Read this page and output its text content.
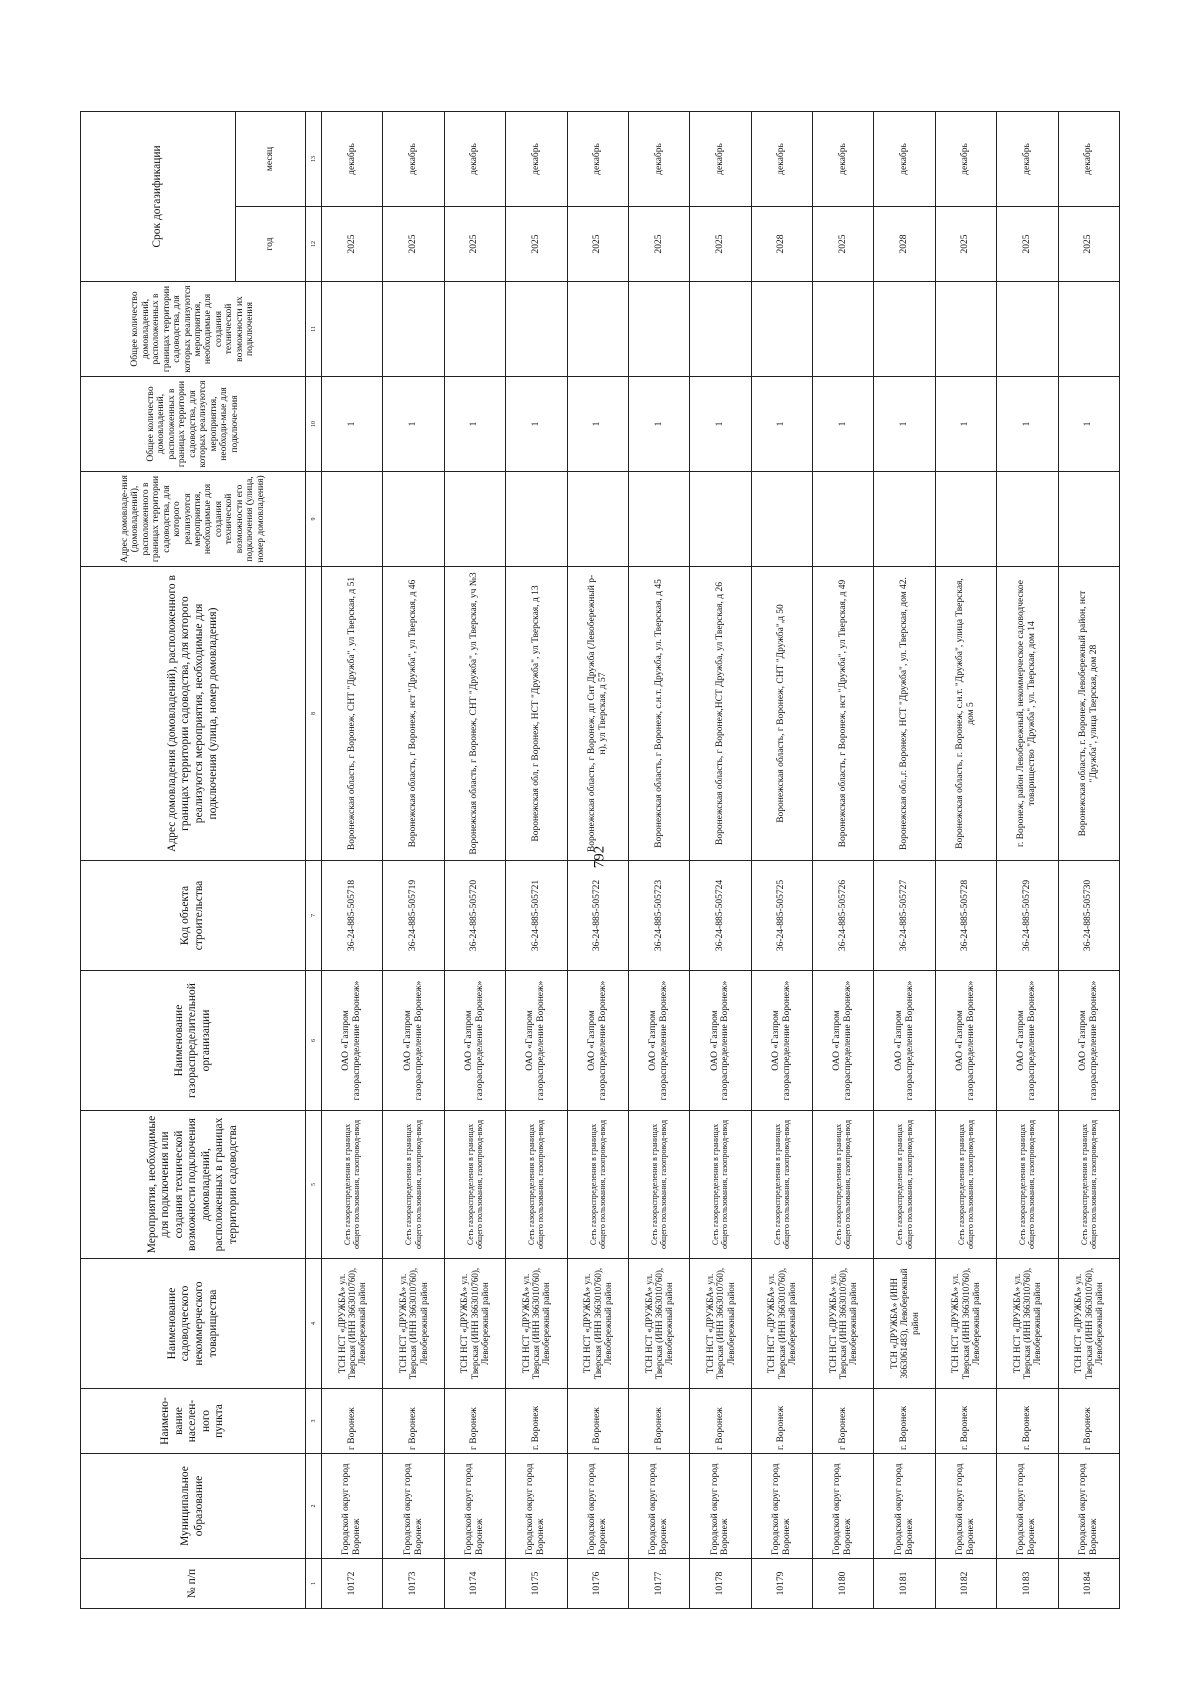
792
№ п/п	Муниципальное образование	Наимено-вание населен-ного пункта	Наименование садоводческого некоммерческого товарищества	Мероприятия, необходимые для подключения или создания технической возможности подключения домовладений, расположенных в границах территории садоводства	Наименование газораспределительной организации	Код объекта строительства	Адрес домовладения (домовладений), расположенного в границах территории садоводства, для которого реализуются мероприятия, необходимые для подключения (улица, номер домовладения)	Адрес домовладе-ния (домовладений), расположенного в границах территории садоводства, для которого реализуются мероприятия, необходимые для создания технической возможности его подключения (улица, номер домовладения)	Общее количество домовладений, расположенных в границах территории садоводства, для которых реализуются мероприятия, необходи-мые для подключе-ния	Общее количество домовладений, расположенных в границах территории садоводства, для которых реализуются мероприятия, необходимые для создания технической возможности их подключения	Срок догазификации	
											год	месяц
1	2	3	4	5	6	7	8	9	10	11	12	13
10172	Городской округ город Воронеж	г Воронеж	ТСН НСТ «ДРУЖБА» ул. Тверская (ИНН 3663010760), Левобережный район	Сеть газораспределения в границах общего пользования, газопровод-ввод	ОАО «Газпром газораспределение Воронеж»	36-24-885-505718	Воронежская область, г Воронеж, СНТ "Дружба", ул Тверская, д 51		1		2025	декабрь
10173	Городской округ город Воронеж	г Воронеж	ТСН НСТ «ДРУЖБА» ул. Тверская (ИНН 3663010760), Левобережный район	Сеть газораспределения в границах общего пользования, газопровод-ввод	ОАО «Газпром газораспределение Воронеж»	36-24-885-505719	Воронежская область, г Воронеж, нст "Дружба", ул Тверская, д 46		1		2025	декабрь
10174	Городской округ город Воронеж	г Воронеж	ТСН НСТ «ДРУЖБА» ул. Тверская (ИНН 3663010760), Левобережный район	Сеть газораспределения в границах общего пользования, газопровод-ввод	ОАО «Газпром газораспределение Воронеж»	36-24-885-505720	Воронежская область, г Воронеж, СНТ "Дружба", ул Тверская, уч №3		1		2025	декабрь
10175	Городской округ город Воронеж	г. Воронеж	ТСН НСТ «ДРУЖБА» ул. Тверская (ИНН 3663010760), Левобережный район	Сеть газораспределения в границах общего пользования, газопровод-ввод	ОАО «Газпром газораспределение Воронеж»	36-24-885-505721	Воронежская обл, г Воронеж, НСТ "Дружба", ул Тверская, д 13		1		2025	декабрь
10176	Городской округ город Воронеж	г Воронеж	ТСН НСТ «ДРУЖБА» ул. Тверская (ИНН 3663010760), Левобережный район	Сеть газораспределения в границах общего пользования, газопровод-ввод	ОАО «Газпром газораспределение Воронеж»	36-24-885-505722	Воронежская область, г Воронеж, дп Снт Дружба (Левобережный р-н), ул Тверская, д 57		1		2025	декабрь
10177	Городской округ город Воронеж	г Воронеж	ТСН НСТ «ДРУЖБА» ул. Тверская (ИНН 3663010760), Левобережный район	Сеть газораспределения в границах общего пользования, газопровод-ввод	ОАО «Газпром газораспределение Воронеж»	36-24-885-505723	Воронежская область, г Воронеж, с.н.т. Дружба, ул. Тверская, д 45		1		2025	декабрь
10178	Городской округ город Воронеж	г Воронеж	ТСН НСТ «ДРУЖБА» ул. Тверская (ИНН 3663010760), Левобережный район	Сеть газораспределения в границах общего пользования, газопровод-ввод	ОАО «Газпром газораспределение Воронеж»	36-24-885-505724	Воронежская область, г Воронеж,НСТ Дружба, ул Тверская, д 26		1		2025	декабрь
10179	Городской округ город Воронеж	г. Воронеж	ТСН НСТ «ДРУЖБА» ул. Тверская (ИНН 3663010760), Левобережный район	Сеть газораспределения в границах общего пользования, газопровод-ввод	ОАО «Газпром газораспределение Воронеж»	36-24-885-505725	Воронежская область, г Воронеж, СНТ "Дружба",д 50		1		2028	декабрь
10180	Городской округ город Воронеж	г Воронеж	ТСН НСТ «ДРУЖБА» ул. Тверская (ИНН 3663010760), Левобережный район	Сеть газораспределения в границах общего пользования, газопровод-ввод	ОАО «Газпром газораспределение Воронеж»	36-24-885-505726	Воронежская область, г Воронеж, нст "Дружба", ул Тверская, д 49		1		2025	декабрь
10181	Городской округ город Воронеж	г. Воронеж	ТСН «ДРУЖБА» (ИНН 3663061483), Левобережный район	Сеть газораспределения в границах общего пользования, газопровод-ввод	ОАО «Газпром газораспределение Воронеж»	36-24-885-505727	Воронежская обл.,г. Воронеж, НСТ "Дружба", ул. Тверская, дом 42.		1		2028	декабрь
10182	Городской округ город Воронеж	г. Воронеж	ТСН НСТ «ДРУЖБА» ул. Тверская (ИНН 3663010760), Левобережный район	Сеть газораспределения в границах общего пользования, газопровод-ввод	ОАО «Газпром газораспределение Воронеж»	36-24-885-505728	Воронежская область, г. Воронеж, с.н.т. "Дружба", улица Тверская, дом 5		1		2025	декабрь
10183	Городской округ город Воронеж	г. Воронеж	ТСН НСТ «ДРУЖБА» ул. Тверская (ИНН 3663010760), Левобережный район	Сеть газораспределения в границах общего пользования, газопровод-ввод	ОАО «Газпром газораспределение Воронеж»	36-24-885-505729	г. Воронеж, район Левобережный, некоммерческое садоводческое товарищество "Дружба", ул. Тверская, дом 14		1		2025	декабрь
10184	Городской округ город Воронеж	г Воронеж	ТСН НСТ «ДРУЖБА» ул. Тверская (ИНН 3663010760), Левобережный район	Сеть газораспределения в границах общего пользования, газопровод-ввод	ОАО «Газпром газораспределение Воронеж»	36-24-885-505730	Воронежская область, г. Воронеж, Левобережный район, нст "Дружба", улица Тверская, дом 28		1		2025	декабрь
